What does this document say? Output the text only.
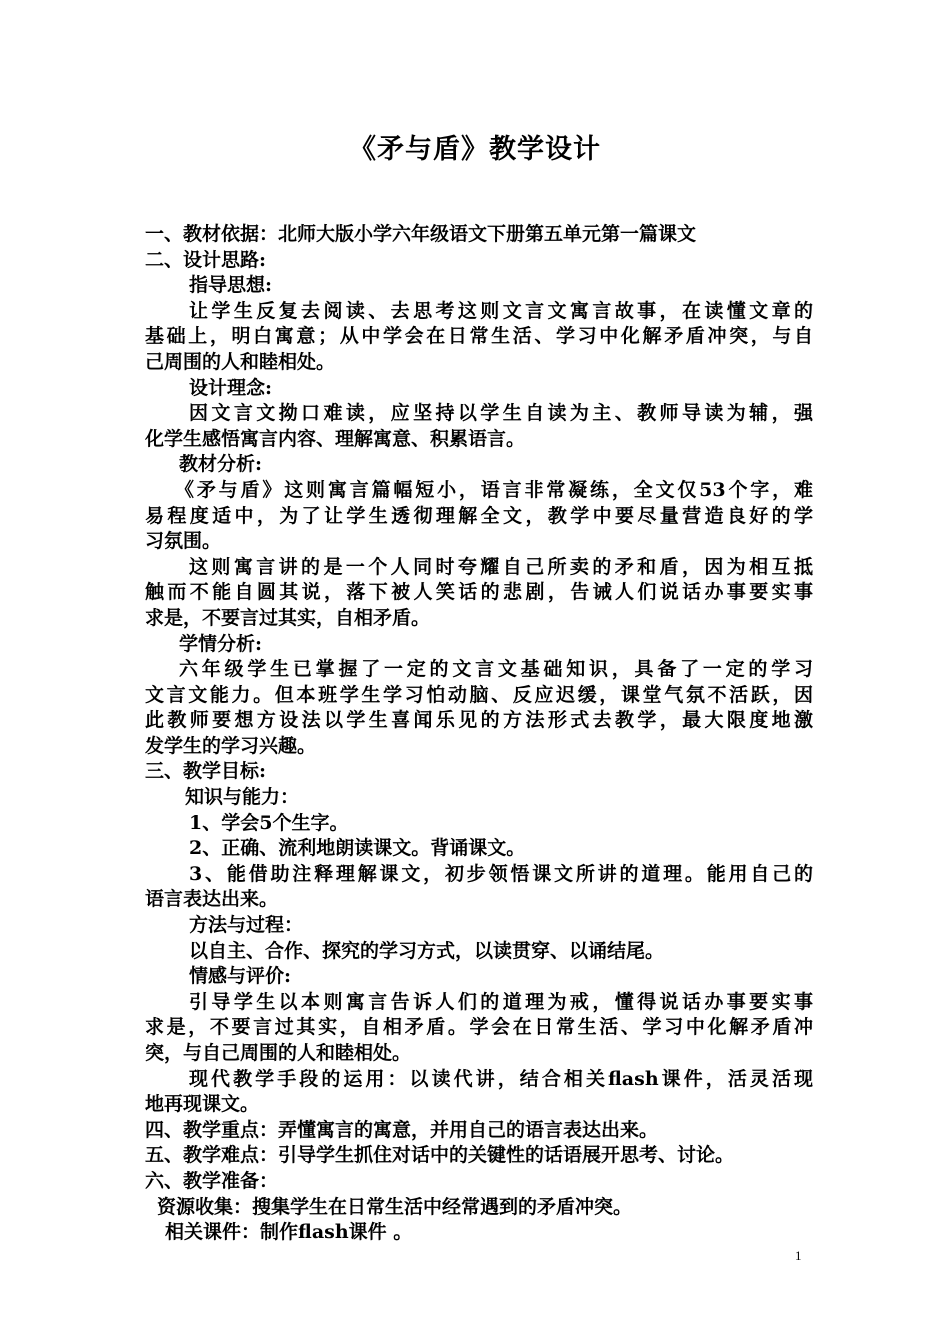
《矛与盾》教学设计
一、教材依据：北师大版小学六年级语文下册第五单元第一篇课文
二、设计思路:
指导思想:
让学生反复去阅读、去思考这则文言文寓言故事，在读懂文章的
基础上，明白寓意；从中学会在日常生活、学习中化解矛盾冲突，与自
己周围的人和睦相处。
设计理念:
因文言文拗口难读，应坚持以学生自读为主、教师导读为辅，强
化学生感悟寓言内容、理解寓意、积累语言。
教材分析:
《矛与盾》这则寓言篇幅短小，语言非常凝练，全文仅53个字，难
易程度适中，为了让学生透彻理解全文，教学中要尽量营造良好的学
习氛围。
这则寓言讲的是一个人同时夸耀自己所卖的矛和盾，因为相互抵
触而不能自圆其说，落下被人笑话的悲剧，告诫人们说话办事要实事
求是，不要言过其实，自相矛盾。
学情分析:
六年级学生已掌握了一定的文言文基础知识，具备了一定的学习
文言文能力。但本班学生学习怕动脑、反应迟缓，课堂气氛不活跃，因
此教师要想方设法以学生喜闻乐见的方法形式去教学，最大限度地激
发学生的学习兴趣。
三、教学目标:
知识与能力：
1、学会5个生字。
2、正确、流利地朗读课文。背诵课文。
3、能借助注释理解课文，初步领悟课文所讲的道理。能用自己的
语言表达出来。
方法与过程：
以自主、合作、探究的学习方式，以读贯穿、以诵结尾。
情感与评价:
引导学生以本则寓言告诉人们的道理为戒，懂得说话办事要实事
求是，不要言过其实，自相矛盾。学会在日常生活、学习中化解矛盾冲
突，与自己周围的人和睦相处。
现代教学手段的运用：以读代讲，结合相关flash课件，活灵活现
地再现课文。
四、教学重点：弄懂寓言的寓意，并用自己的语言表达出来。
五、教学难点：引导学生抓住对话中的关键性的话语展开思考、讨论。
六、教学准备：
资源收集：搜集学生在日常生活中经常遇到的矛盾冲突。
相关课件：制作flash课件 。
1
